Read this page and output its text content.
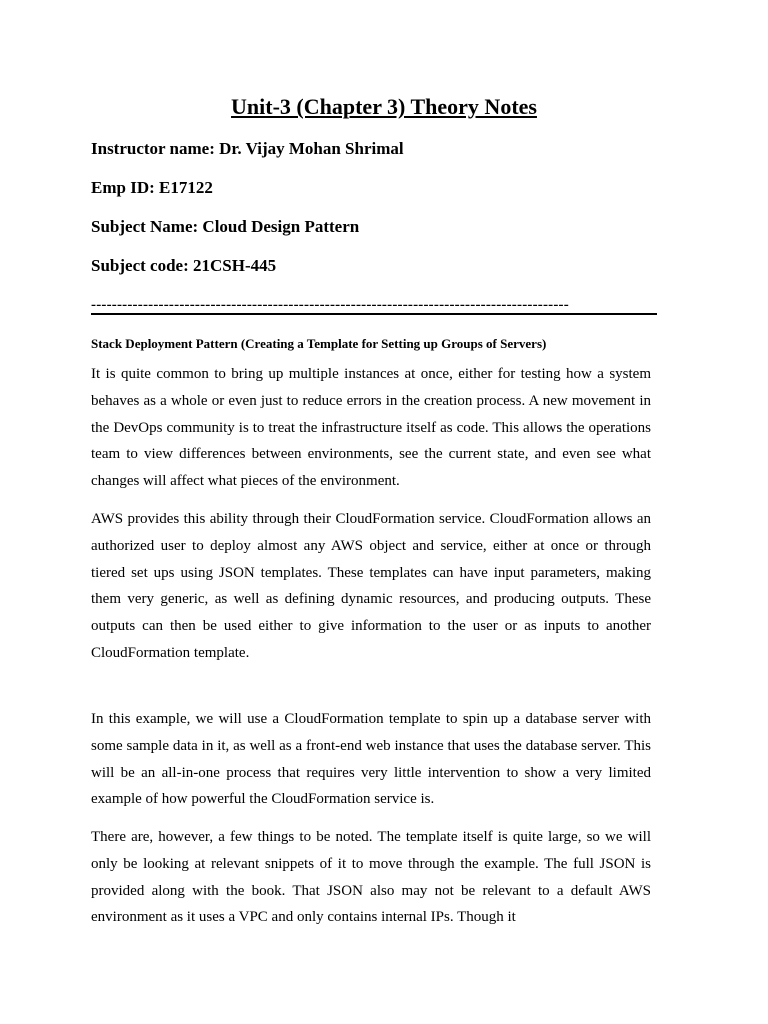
Unit-3 (Chapter 3) Theory Notes

Instructor name: Dr. Vijay Mohan Shrimal

Emp ID: E17122

Subject Name: Cloud Design Pattern

Subject code: 21CSH-445

--------------------------------------------------------------------------------------------
Stack Deployment Pattern (Creating a Template for Setting up Groups of Servers)

It is quite common to bring up multiple instances at once, either for testing how a system behaves as a whole or even just to reduce errors in the creation process. A new movement in the DevOps community is to treat the infrastructure itself as code. This allows the operations team to view differences between environments, see the current state, and even see what changes will affect what pieces of the environment.

AWS provides this ability through their CloudFormation service. CloudFormation allows an authorized user to deploy almost any AWS object and service, either at once or through tiered set ups using JSON templates. These templates can have input parameters, making them very generic, as well as defining dynamic resources, and producing outputs. These outputs can then be used either to give information to the user or as inputs to another CloudFormation template.

In this example, we will use a CloudFormation template to spin up a database server with some sample data in it, as well as a front-end web instance that uses the database server. This will be an all-in-one process that requires very little intervention to show a very limited example of how powerful the CloudFormation service is.

There are, however, a few things to be noted. The template itself is quite large, so we will only be looking at relevant snippets of it to move through the example. The full JSON is provided along with the book. That JSON also may not be relevant to a default AWS environment as it uses a VPC and only contains internal IPs. Though it
